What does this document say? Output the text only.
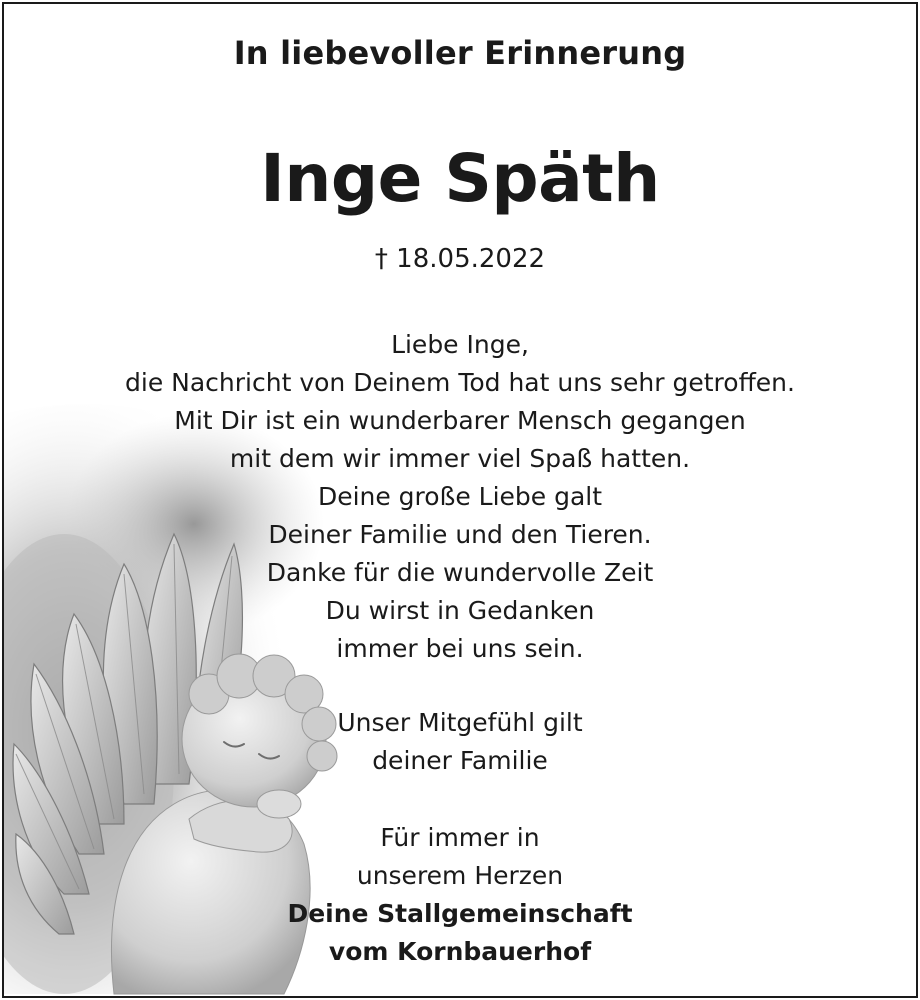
In liebevoller Erinnerung
Inge Späth
† 18.05.2022
Liebe Inge,
die Nachricht von Deinem Tod hat uns sehr getroffen.
Mit Dir ist ein wunderbarer Mensch gegangen
mit dem wir immer viel Spaß hatten.
Deine große Liebe galt
Deiner Familie und den Tieren.
Danke für die wundervolle Zeit
Du wirst in Gedanken
immer bei uns sein.
Unser Mitgefühl gilt
deiner Familie
Für immer in
unserem Herzen
Deine Stallgemeinschaft
vom Kornbauerhof
